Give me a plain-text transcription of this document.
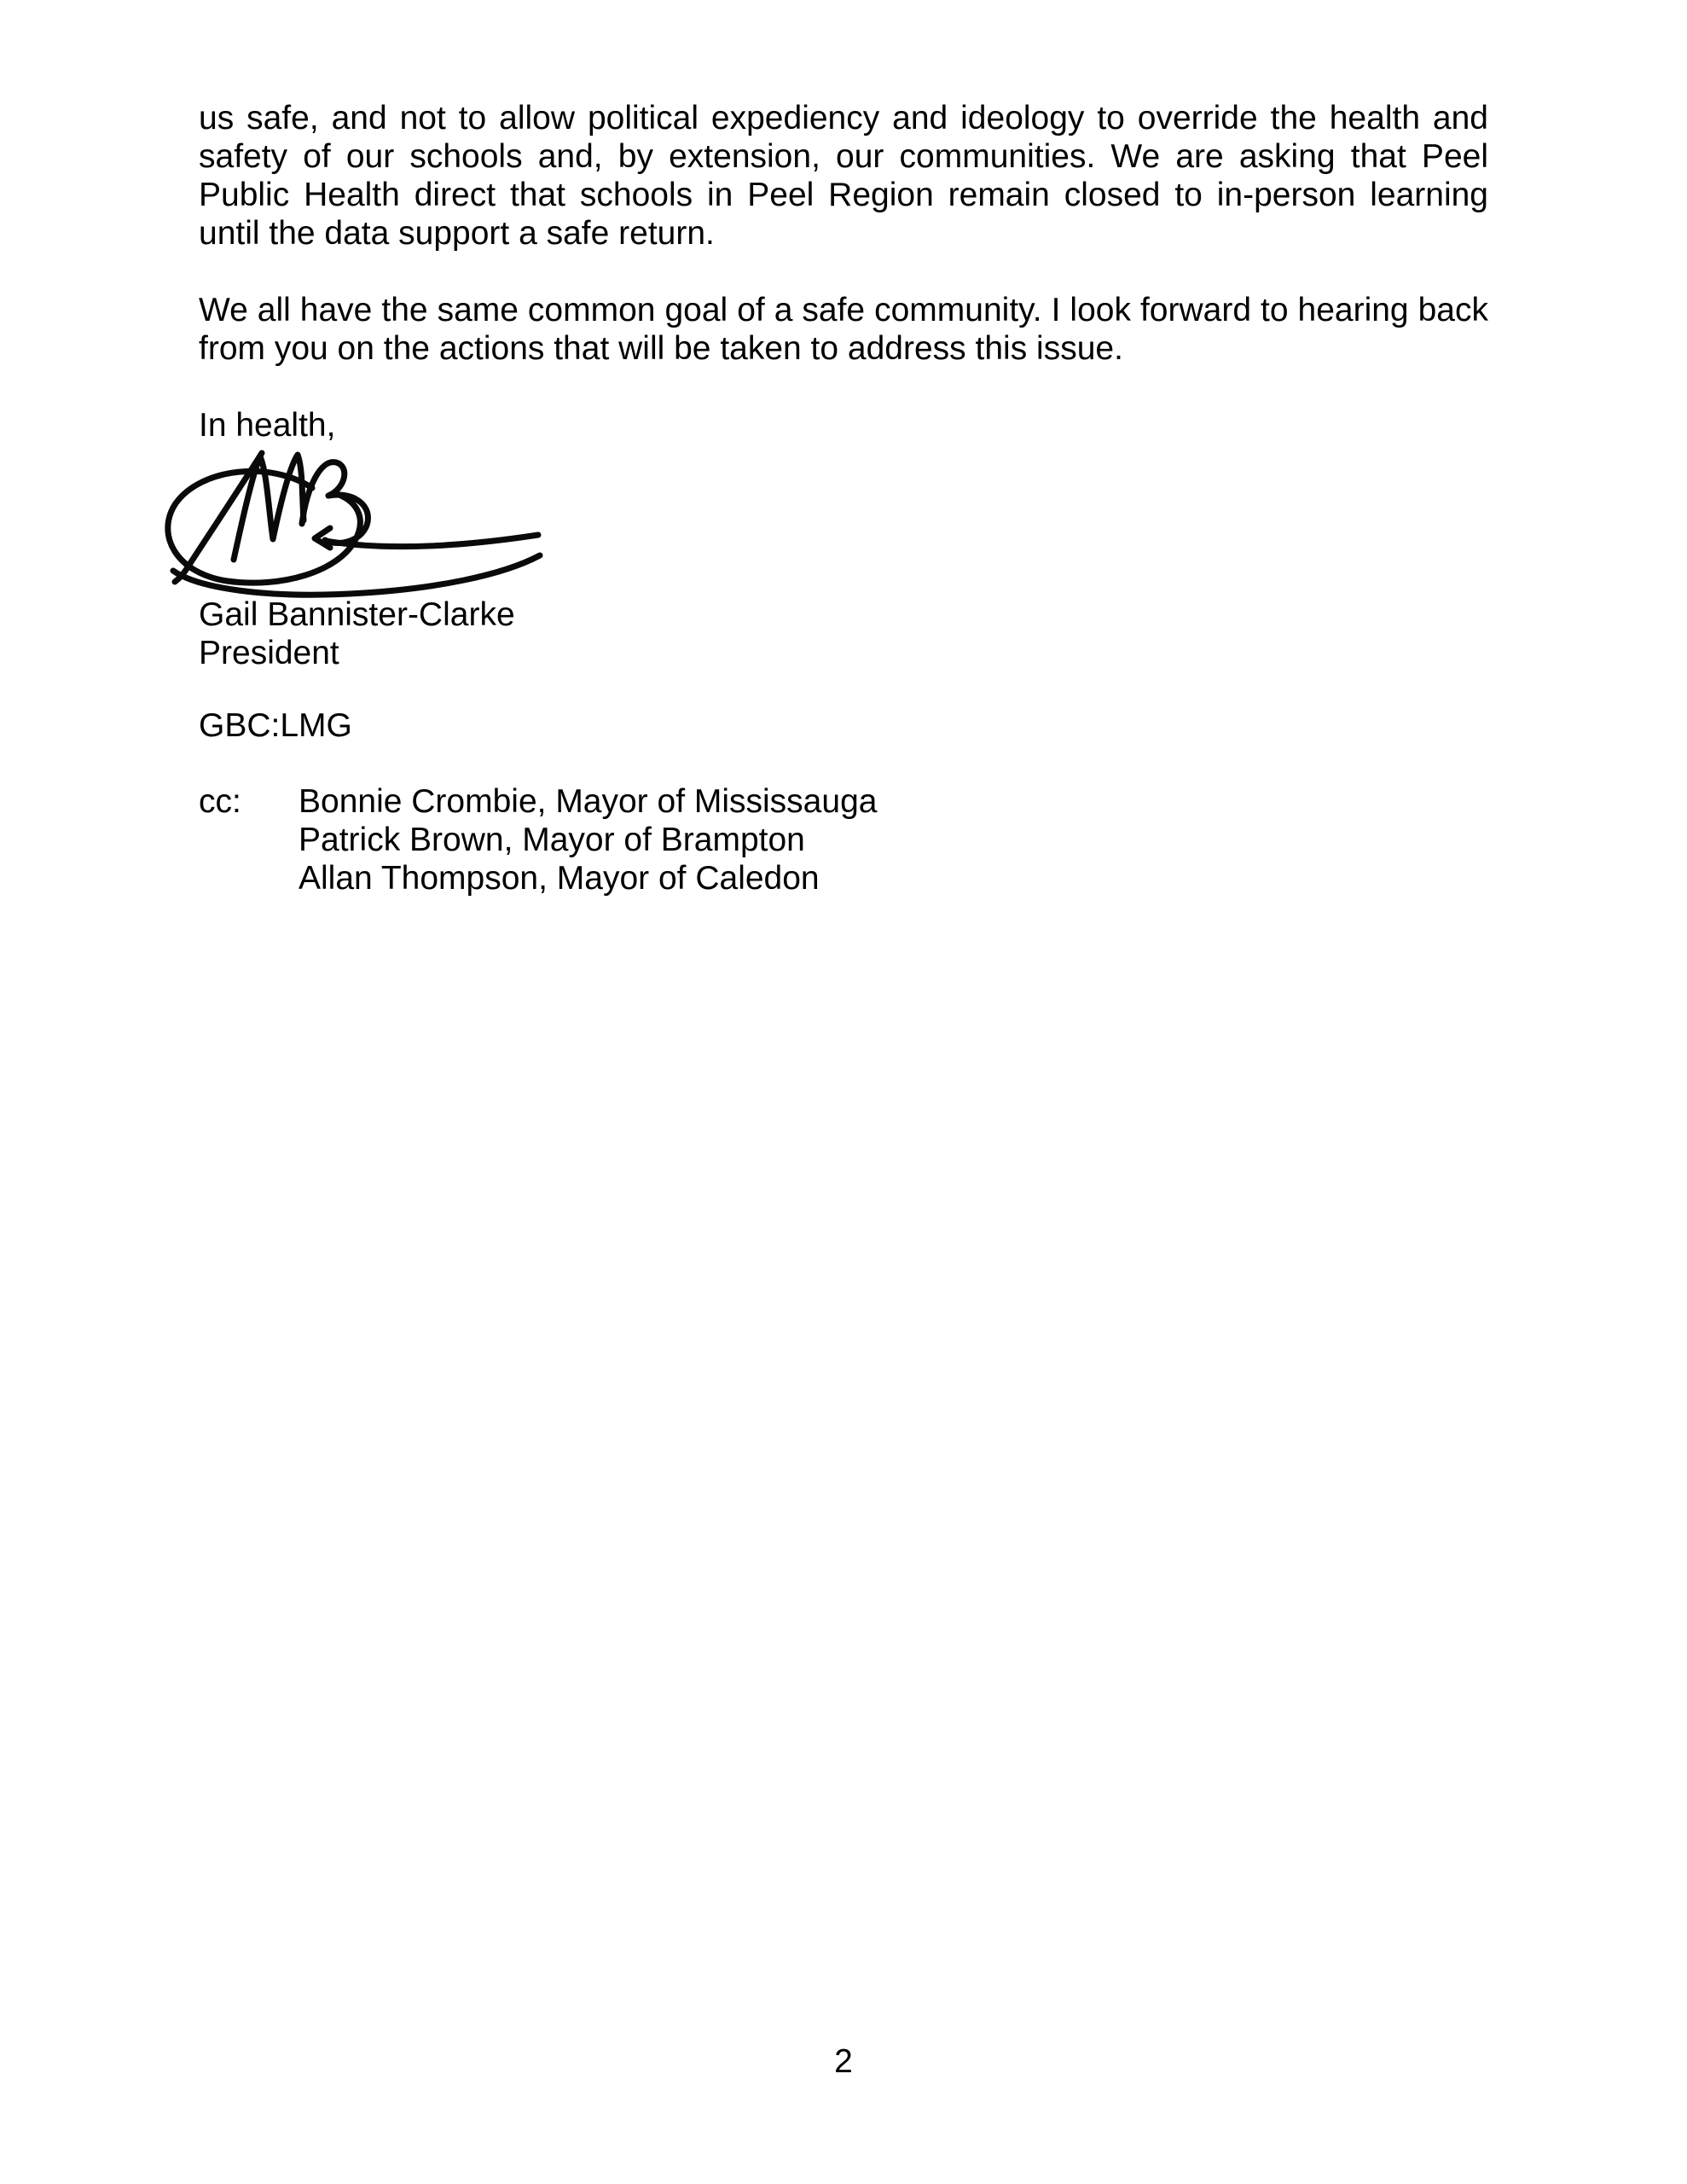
us safe, and not to allow political expediency and ideology to override the health and
safety of our schools and, by extension, our communities. We are asking that Peel
Public Health direct that schools in Peel Region remain closed to in-person learning
until the data support a safe return.

We all have the same common goal of a safe community. I look forward to hearing back
from you on the actions that will be taken to address this issue.

In health,
Gail Bannister-Clarke
President
GBC:LMG
cc:	Bonnie Crombie, Mayor of Mississauga
Patrick Brown, Mayor of Brampton
Allan Thompson, Mayor of Caledon
2
